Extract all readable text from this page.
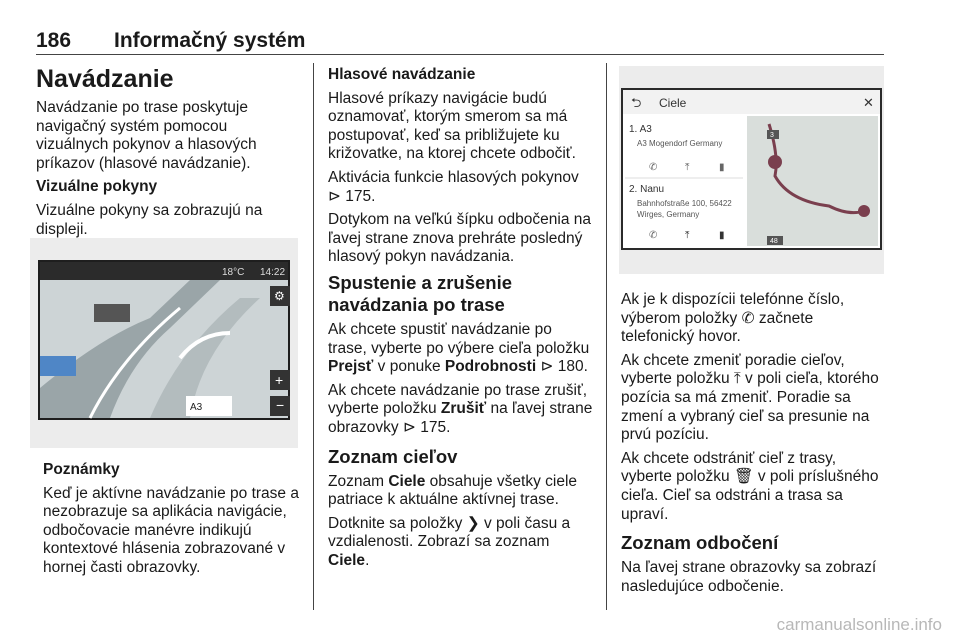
186 Informačný systém

Navádzanie

Navádzanie po trase poskytuje navigačný systém pomocou vizuálnych pokynov a hlasových príkazov (hlasové navádzanie).

Vizuálne pokyny

Vizuálne pokyny sa zobrazujú na displeji.

18°C 14:22
⚙
+
−
A3

Poznámky

Keď je aktívne navádzanie po trase a nezobrazuje sa aplikácia navigácie, odbočovacie manévre indikujú kontextové hlásenia zobrazované v hornej časti obrazovky.

Hlasové navádzanie

Hlasové príkazy navigácie budú oznamovať, ktorým smerom sa má postupovať, keď sa približujete ku križovatke, na ktorej chcete odbočiť.

Aktivácia funkcie hlasových pokynov ⊳ 175.

Dotykom na veľkú šípku odbočenia na ľavej strane znova prehráte posledný hlasový pokyn navádzania.

Spustenie a zrušenie navádzania po trase

Ak chcete spustiť navádzanie po trase, vyberte po výbere cieľa položku Prejsť v ponuke Podrobnosti ⊳ 180.

Ak chcete navádzanie po trase zrušiť, vyberte položku Zrušiť na ľavej strane obrazovky ⊳ 175.

Zoznam cieľov

Zoznam Ciele obsahuje všetky ciele patriace k aktuálne aktívnej trase.

Dotknite sa položky ❯ v poli času a vzdialenosti. Zobrazí sa zoznam Ciele.

⮌ Ciele	✕
1. A3
A3 Mogendorf Germany
✆	⤒	▮
2. Nanu
Bahnhofstraße 100, 56422
Wirges, Germany
✆	⤒	▮
3
48

Ak je k dispozícii telefónne číslo, výberom položky ✆ začnete telefonický hovor.

Ak chcete zmeniť poradie cieľov, vyberte položku ⤒ v poli cieľa, ktorého pozícia sa má zmeniť. Poradie sa zmení a vybraný cieľ sa presunie na prvú pozíciu.

Ak chcete odstrániť cieľ z trasy, vyberte položku 🗑 v poli príslušného cieľa. Cieľ sa odstráni a trasa sa upraví.

Zoznam odbočení

Na ľavej strane obrazovky sa zobrazí nasledujúce odbočenie.

carmanualsonline.info
